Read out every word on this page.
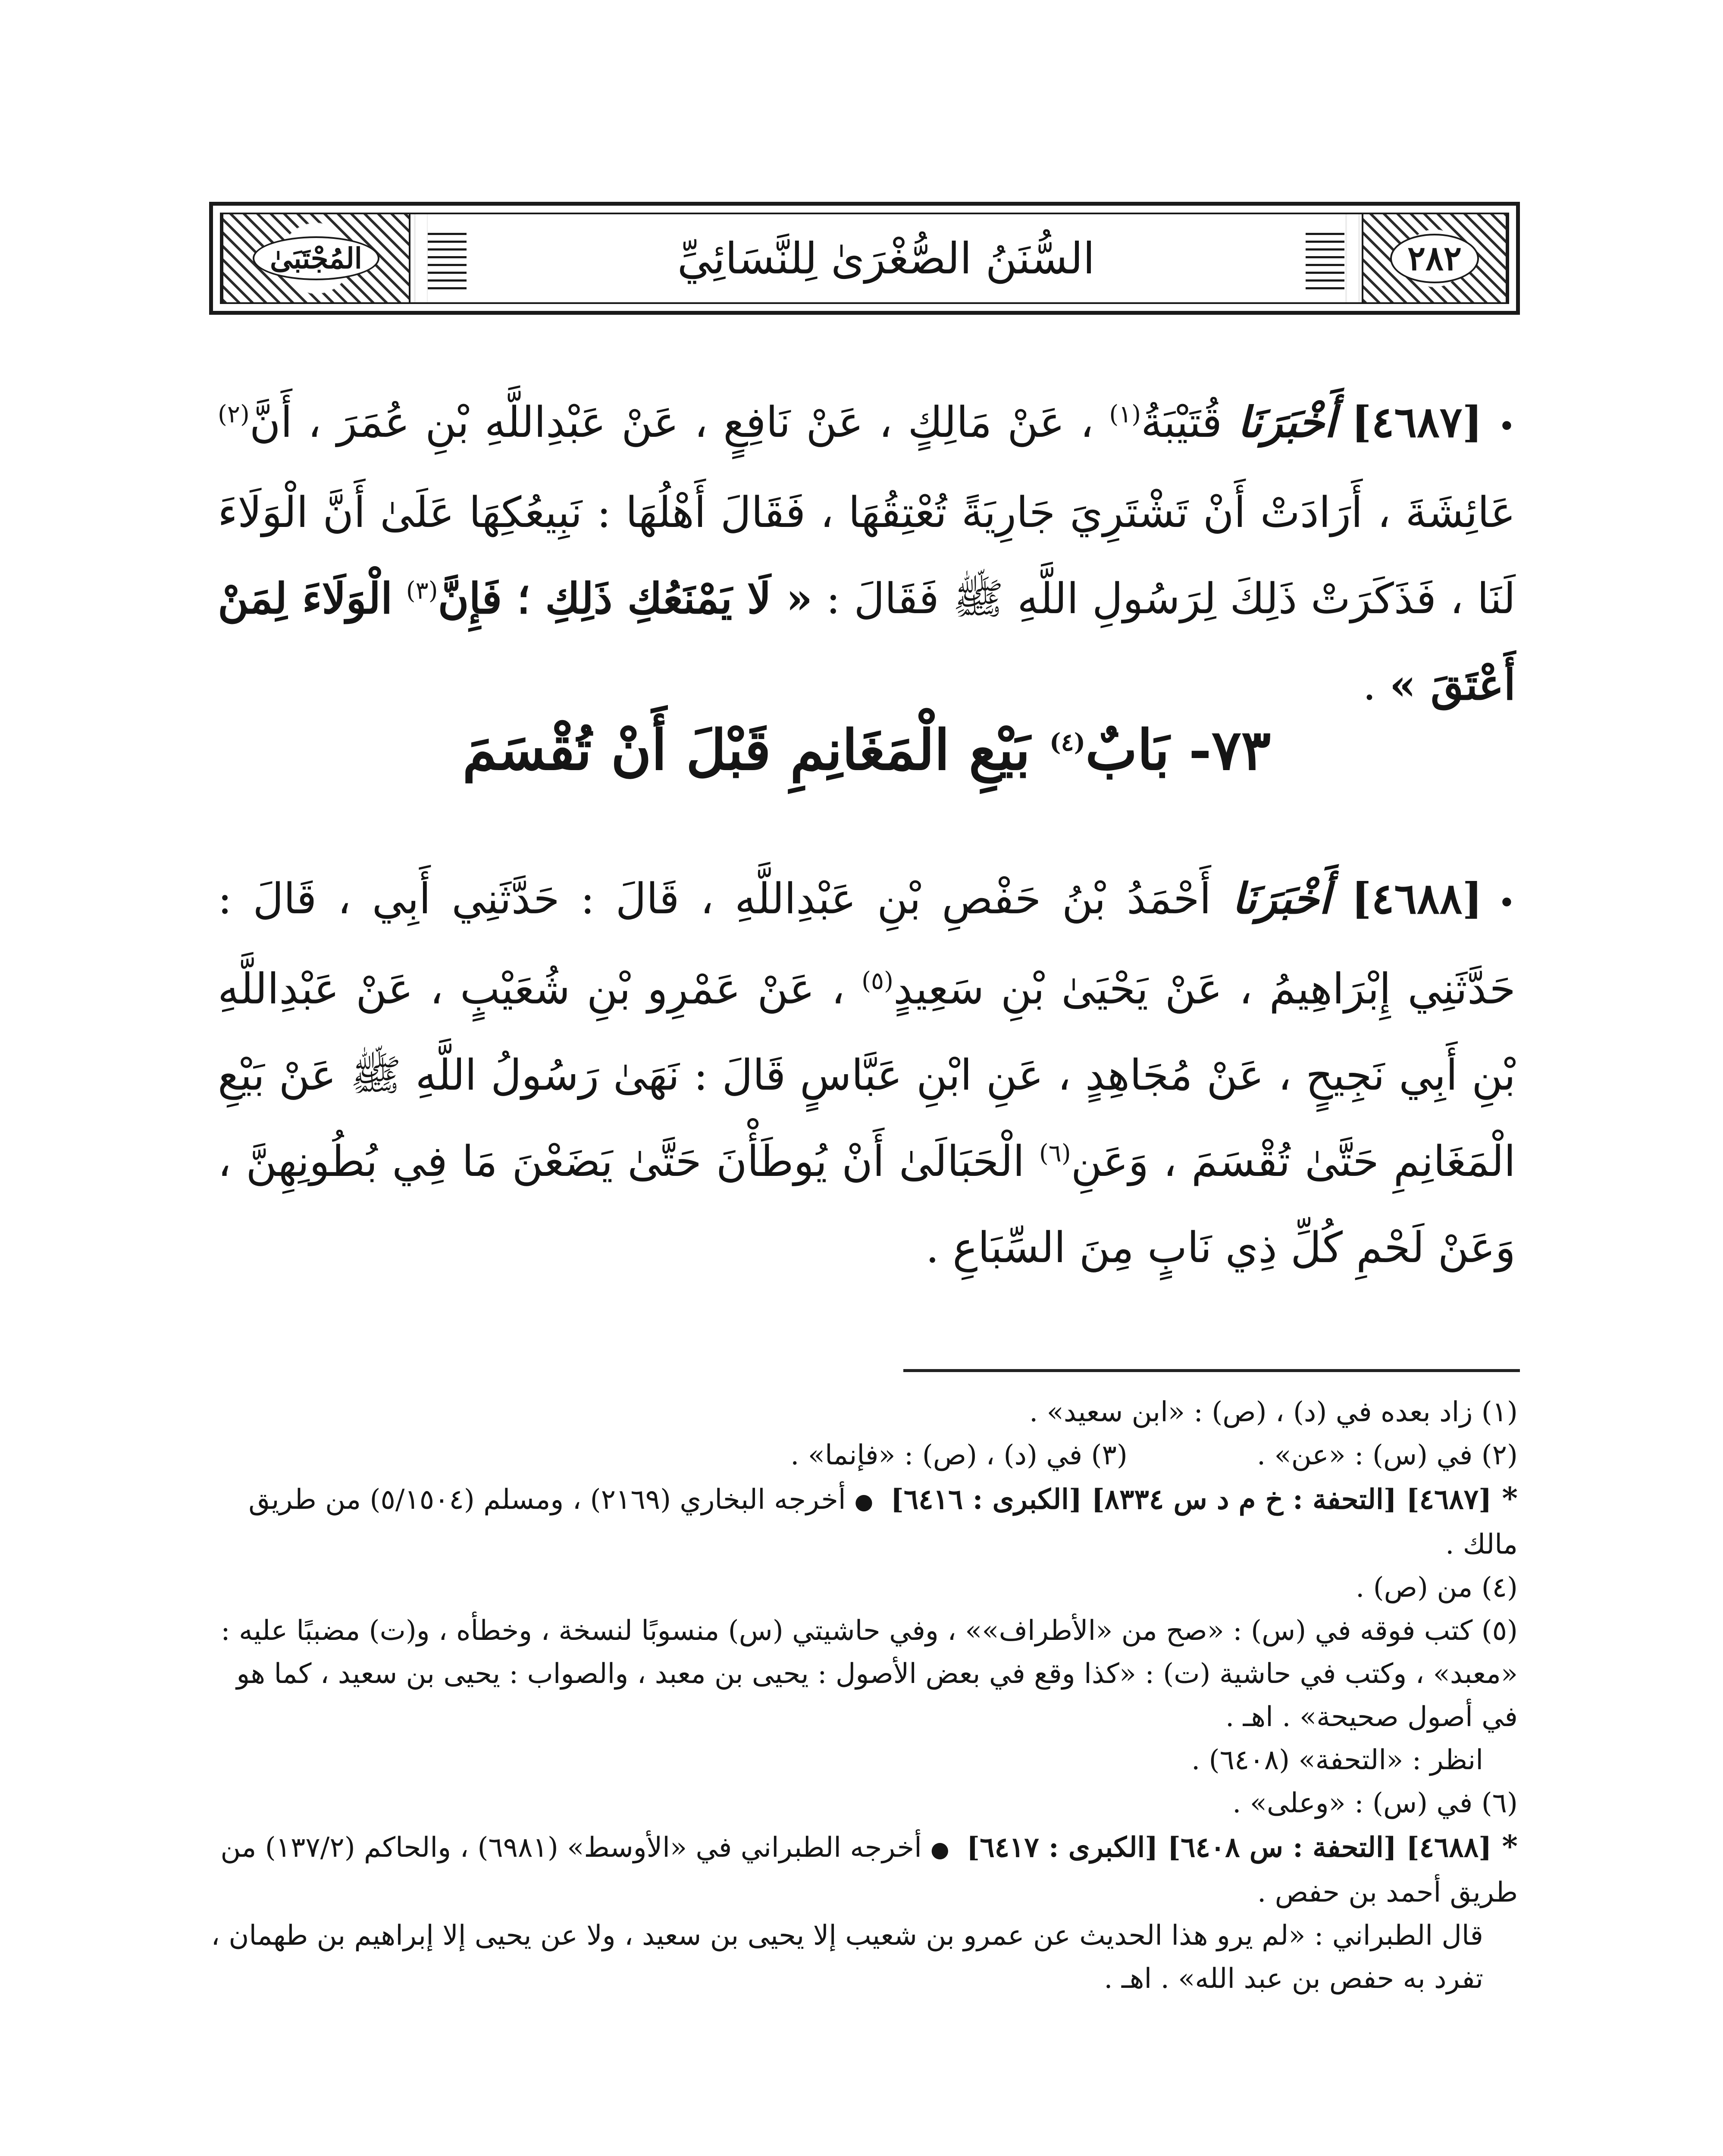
المُجْتَبَىٰ	السُّنَنُ الصُّغْرَىٰ لِلنَّسَائِيِّ	٢٨٢
•[٤٦٨٧] أَخْبَرَنَا قُتَيْبَةُ$^{(١)}$ ، عَنْ مَالِكٍ ، عَنْ نَافِعٍ ، عَنْ عَبْدِاللَّهِ بْنِ عُمَرَ ، أَنَّ$^{(٢)}$ عَائِشَةَ ، أَرَادَتْ أَنْ تَشْتَرِيَ جَارِيَةً تُعْتِقُهَا ، فَقَالَ أَهْلُهَا : نَبِيعُكِهَا عَلَىٰ أَنَّ الْوَلَاءَ لَنَا ، فَذَكَرَتْ ذَلِكَ لِرَسُولِ اللَّهِ ﷺ فَقَالَ : « لَا يَمْنَعُكِ ذَلِكِ ؛ فَإِنَّ$^{(٣)}$ الْوَلَاءَ لِمَنْ أَعْتَقَ » .
٧٣- بَابٌ$^{(٤)}$ بَيْعِ الْمَغَانِمِ قَبْلَ أَنْ تُقْسَمَ
•[٤٦٨٨] أَخْبَرَنَا أَحْمَدُ بْنُ حَفْصِ بْنِ عَبْدِاللَّهِ ، قَالَ : حَدَّثَنِي أَبِي ، قَالَ : حَدَّثَنِي إِبْرَاهِيمُ ، عَنْ يَحْيَىٰ بْنِ سَعِيدٍ$^{(٥)}$ ، عَنْ عَمْرِو بْنِ شُعَيْبٍ ، عَنْ عَبْدِاللَّهِ بْنِ أَبِي نَجِيحٍ ، عَنْ مُجَاهِدٍ ، عَنِ ابْنِ عَبَّاسٍ قَالَ : نَهَىٰ رَسُولُ اللَّهِ ﷺ عَنْ بَيْعِ الْمَغَانِمِ حَتَّىٰ تُقْسَمَ ، وَعَنِ$^{(٦)}$ الْحَبَالَىٰ أَنْ يُوطَأْنَ حَتَّىٰ يَضَعْنَ مَا فِي بُطُونِهِنَّ ، وَعَنْ لَحْمِ كُلِّ ذِي نَابٍ مِنَ السِّبَاعِ .

(١) زاد بعده في (د) ، (ص) : «ابن سعيد» .

(٢) في (س) : «عن» .
(٣) في (د) ، (ص) : «فإنما» .

*[٤٦٨٧] [التحفة : خ م د س ٨٣٣٤] [الكبرى : ٦٤١٦] ●أخرجه البخاري (٢١٦٩) ، ومسلم (٥/١٥٠٤) من طريق مالك .

(٤) من (ص) .

(٥) كتب فوقه في (س) : «صح من «الأطراف»» ، وفي حاشيتي (س) منسوبًا لنسخة ، وخطأه ، و(ت) مضببًا عليه : «معبد» ، وكتب في حاشية (ت) : «كذا وقع في بعض الأصول : يحيى بن معبد ، والصواب : يحيى بن سعيد ، كما هو في أصول صحيحة» . اهـ .

انظر : «التحفة» (٦٤٠٨) .

(٦) في (س) : «وعلى» .

*[٤٦٨٨] [التحفة : س ٦٤٠٨] [الكبرى : ٦٤١٧] ●أخرجه الطبراني في «الأوسط» (٦٩٨١) ، والحاكم (١٣٧/٢) من طريق أحمد بن حفص .

قال الطبراني : «لم يرو هذا الحديث عن عمرو بن شعيب إلا يحيى بن سعيد ، ولا عن يحيى إلا إبراهيم بن طهمان ، تفرد به حفص بن عبد الله» . اهـ .
